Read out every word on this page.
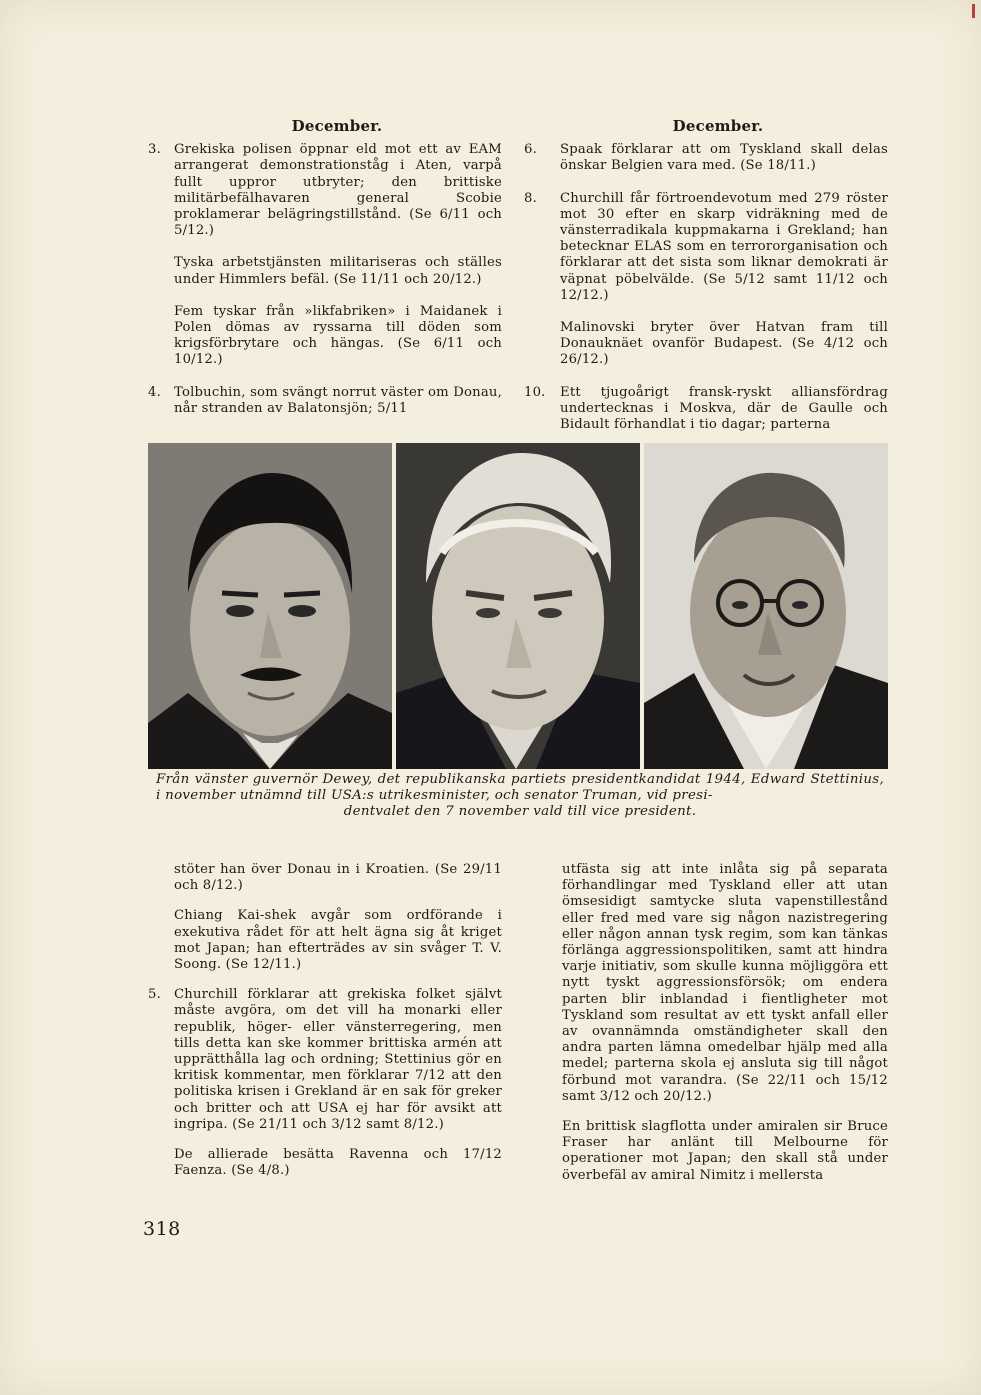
December.
3. Grekiska polisen öppnar eld mot ett av EAM arrangerat demonstrationståg i Aten, varpå fullt uppror utbryter; den brittiske militärbefälhavaren general Scobie proklamerar belägringstillstånd. (Se 6/11 och 5/12.)

Tyska arbetstjänsten militariseras och ställes under Himmlers befäl. (Se 11/11 och 20/12.)

Fem tyskar från »likfabriken» i Maidanek i Polen dömas av ryssarna till döden som krigsförbrytare och hängas. (Se 6/11 och 10/12.)

4. Tolbuchin, som svängt norrut väster om Donau, når stranden av Balatonsjön; 5/11

December.
6.	Spaak förklarar att om Tyskland skall delas önskar Belgien vara med. (Se 18/11.)

8.	Churchill får förtroendevotum med 279 röster mot 30 efter en skarp vidräkning med de vänsterradikala kuppmakarna i Grekland; han betecknar ELAS som en terrororganisation och förklarar att det sista som liknar demokrati är väpnat pöbelvälde. (Se 5/12 samt 11/12 och 12/12.)

Malinovski bryter över Hatvan fram till Donauknäet ovanför Budapest. (Se 4/12 och 26/12.)

10.	Ett tjugoårigt fransk-ryskt alliansfördrag undertecknas i Moskva, där de Gaulle och Bidault förhandlat i tio dagar; parterna

Från vänster guvernör Dewey, det republikanska partiets presidentkandidat 1944, Edward Stettinius, i november utnämnd till USA:s utrikesminister, och senator Truman, vid presi-
dentvalet den 7 november vald till vice president.

stöter han över Donau in i Kroatien. (Se 29/11 och 8/12.)

Chiang Kai-shek avgår som ordförande i exekutiva rådet för att helt ägna sig åt kriget mot Japan; han efterträdes av sin svåger T. V. Soong. (Se 12/11.)

5. Churchill förklarar att grekiska folket självt måste avgöra, om det vill ha monarki eller republik, höger- eller vänsterregering, men tills detta kan ske kommer brittiska armén att upprätthålla lag och ordning; Stettinius gör en kritisk kommentar, men förklarar 7/12 att den politiska krisen i Grekland är en sak för greker och britter och att USA ej har för avsikt att ingripa. (Se 21/11 och 3/12 samt 8/12.)

De allierade besätta Ravenna och 17/12 Faenza. (Se 4/8.)

utfästa sig att inte inlåta sig på separata förhandlingar med Tyskland eller att utan ömsesidigt samtycke sluta vapenstillestånd eller fred med vare sig någon nazistregering eller någon annan tysk regim, som kan tänkas förlänga aggressionspolitiken, samt att hindra varje initiativ, som skulle kunna möjliggöra ett nytt tyskt aggressionsförsök; om endera parten blir inblandad i fientligheter mot Tyskland som resultat av ett tyskt anfall eller av ovannämnda omständigheter skall den andra parten lämna omedelbar hjälp med alla medel; parterna skola ej ansluta sig till något förbund mot varandra. (Se 22/11 och 15/12 samt 3/12 och 20/12.)

En brittisk slagflotta under amiralen sir Bruce Fraser har anlänt till Melbourne för operationer mot Japan; den skall stå under överbefäl av amiral Nimitz i mellersta

318
